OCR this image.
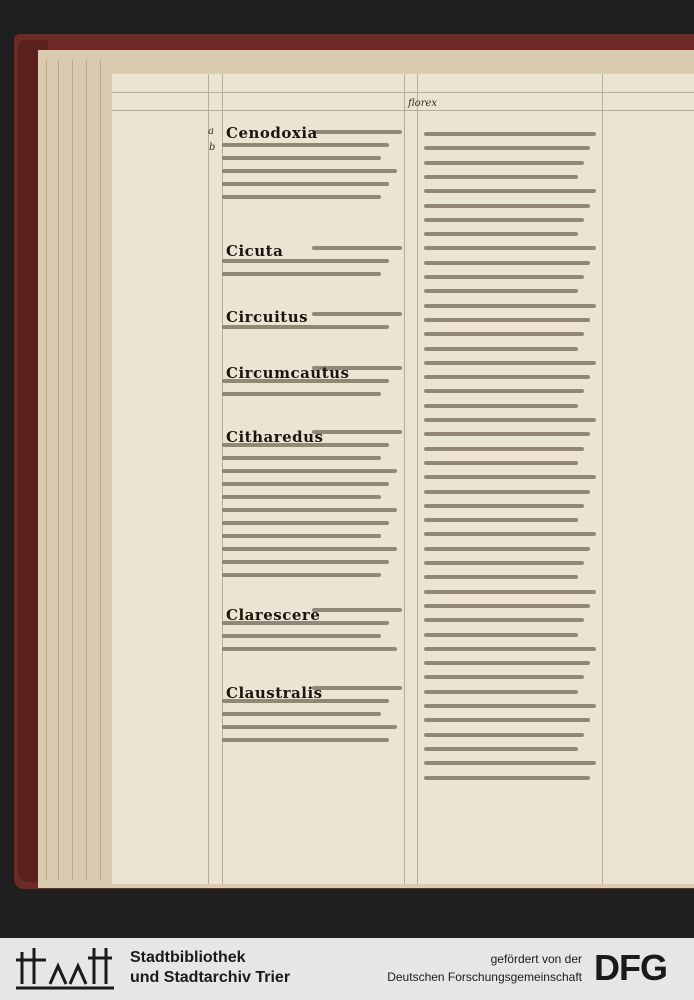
florex
a
b
Cenodoxia
Cicuta
Circuitus
Circumcautus
Citharedus
Clarescere
Claustralis
Stadtbibliothek
und Stadtarchiv Trier
gefördert von der
Deutschen Forschungsgemeinschaft DFG
